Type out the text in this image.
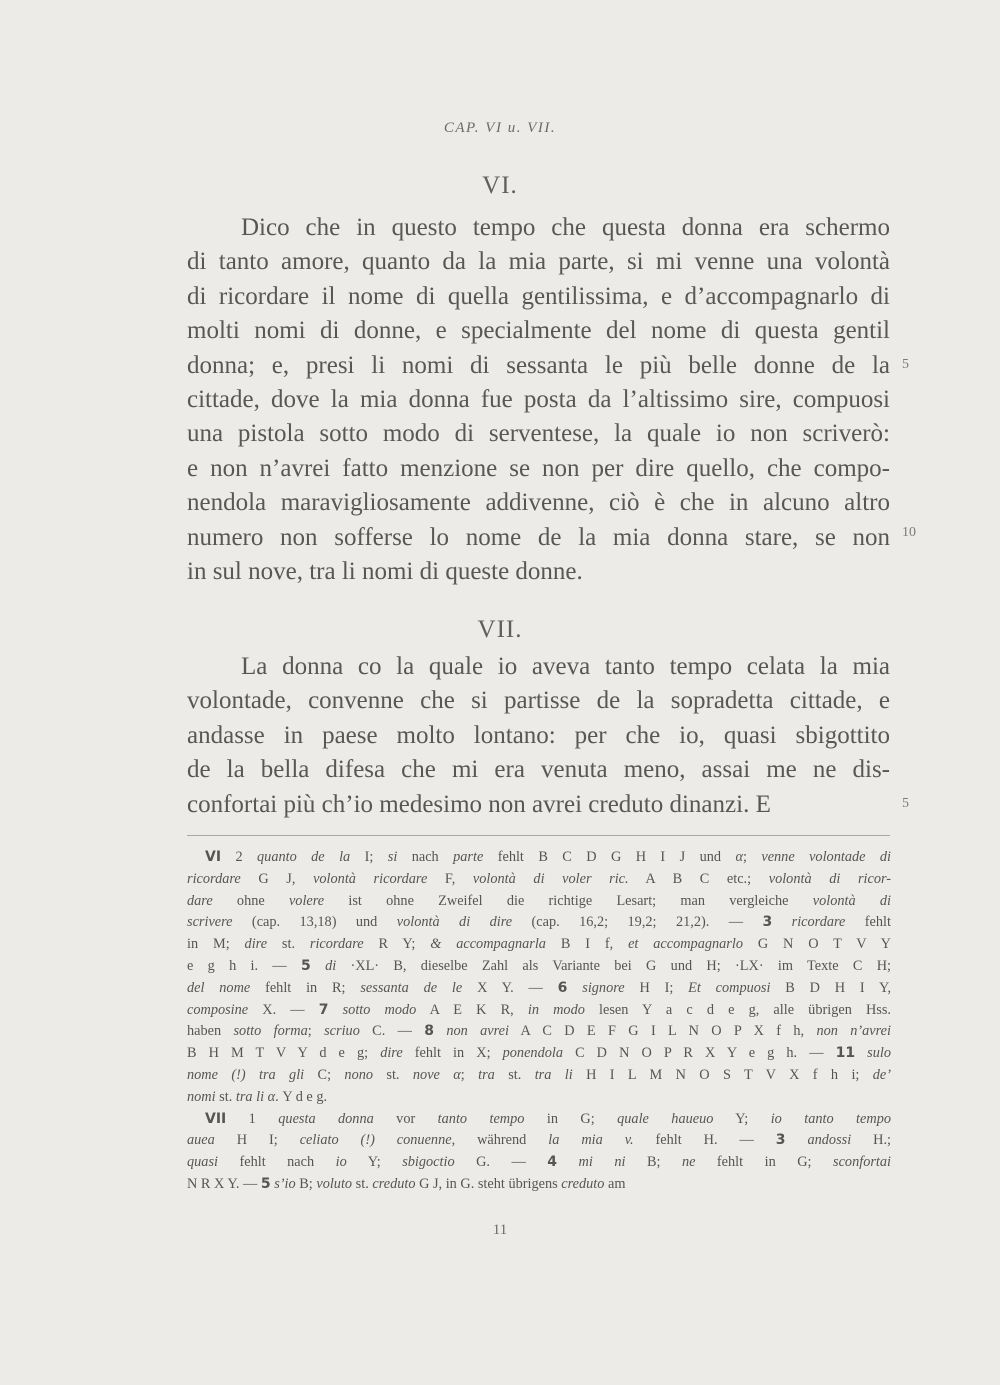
CAP. VI u. VII.
VI.
Dico che in questo tempo che questa donna era schermo
di tanto amore, quanto da la mia parte, si mi venne una volontà
di ricordare il nome di quella gentilissima, e d’accompagnarlo di
molti nomi di donne, e specialmente del nome di questa gentil
donna; e, presi li nomi di sessanta le più belle donne de la
cittade, dove la mia donna fue posta da l’altissimo sire, compuosi
una pistola sotto modo di serventese, la quale io non scriverò:
e non n’avrei fatto menzione se non per dire quello, che compo-
nendola maravigliosamente addivenne, ciò è che in alcuno altro
numero non sofferse lo nome de la mia donna stare, se non
in sul nove, tra li nomi di queste donne.
5
10
VII.
La donna co la quale io aveva tanto tempo celata la mia
volontade, convenne che si partisse de la sopradetta cittade, e
andasse in paese molto lontano: per che io, quasi sbigottito
de la bella difesa che mi era venuta meno, assai me ne dis-
confortai più ch’io medesimo non avrei creduto dinanzi. E	5
VI 2 quanto de la I; si nach parte fehlt B C D G H I J und α; venne volontade di
ricordare G J, volontà ricordare F, volontà di voler ric. A B C etc.; volontà di ricor-
dare ohne volere ist ohne Zweifel die richtige Lesart; man vergleiche volontà di
scrivere (cap. 13,18) und volontà di dire (cap. 16,2; 19,2; 21,2). — 3 ricordare fehlt
in M; dire st. ricordare R Y; & accompagnarla B I f, et accompagnarlo G N O T V Y
e g h i. — 5 di ·XL· B, dieselbe Zahl als Variante bei G und H; ·LX· im Texte C H;
del nome fehlt in R; sessanta de le X Y. — 6 signore H I; Et compuosi B D H I Y,
composine X. — 7 sotto modo A E K R, in modo lesen Y a c d e g, alle übrigen Hss.
haben sotto forma; scriuo C. — 8 non avrei A C D E F G I L N O P X f h, non n’avrei
B H M T V Y d e g; dire fehlt in X; ponendola C D N O P R X Y e g h. — 11 sulo
nome (!) tra gli C; nono st. nove α; tra st. tra li H I L M N O S T V X f h i; de’
nomi st. tra li α. Y d e g.
VII 1 questa donna vor tanto tempo in G; quale haueuo Y; io tanto tempo
auea H I; celiato (!) conuenne, während la mia v. fehlt H. — 3 andossi H.;
quasi fehlt nach io Y; sbigoctio G. — 4 mi ni B; ne fehlt in G; sconfortai
N R X Y. — 5 s’io B; voluto st. creduto G J, in G. steht übrigens creduto am
11
